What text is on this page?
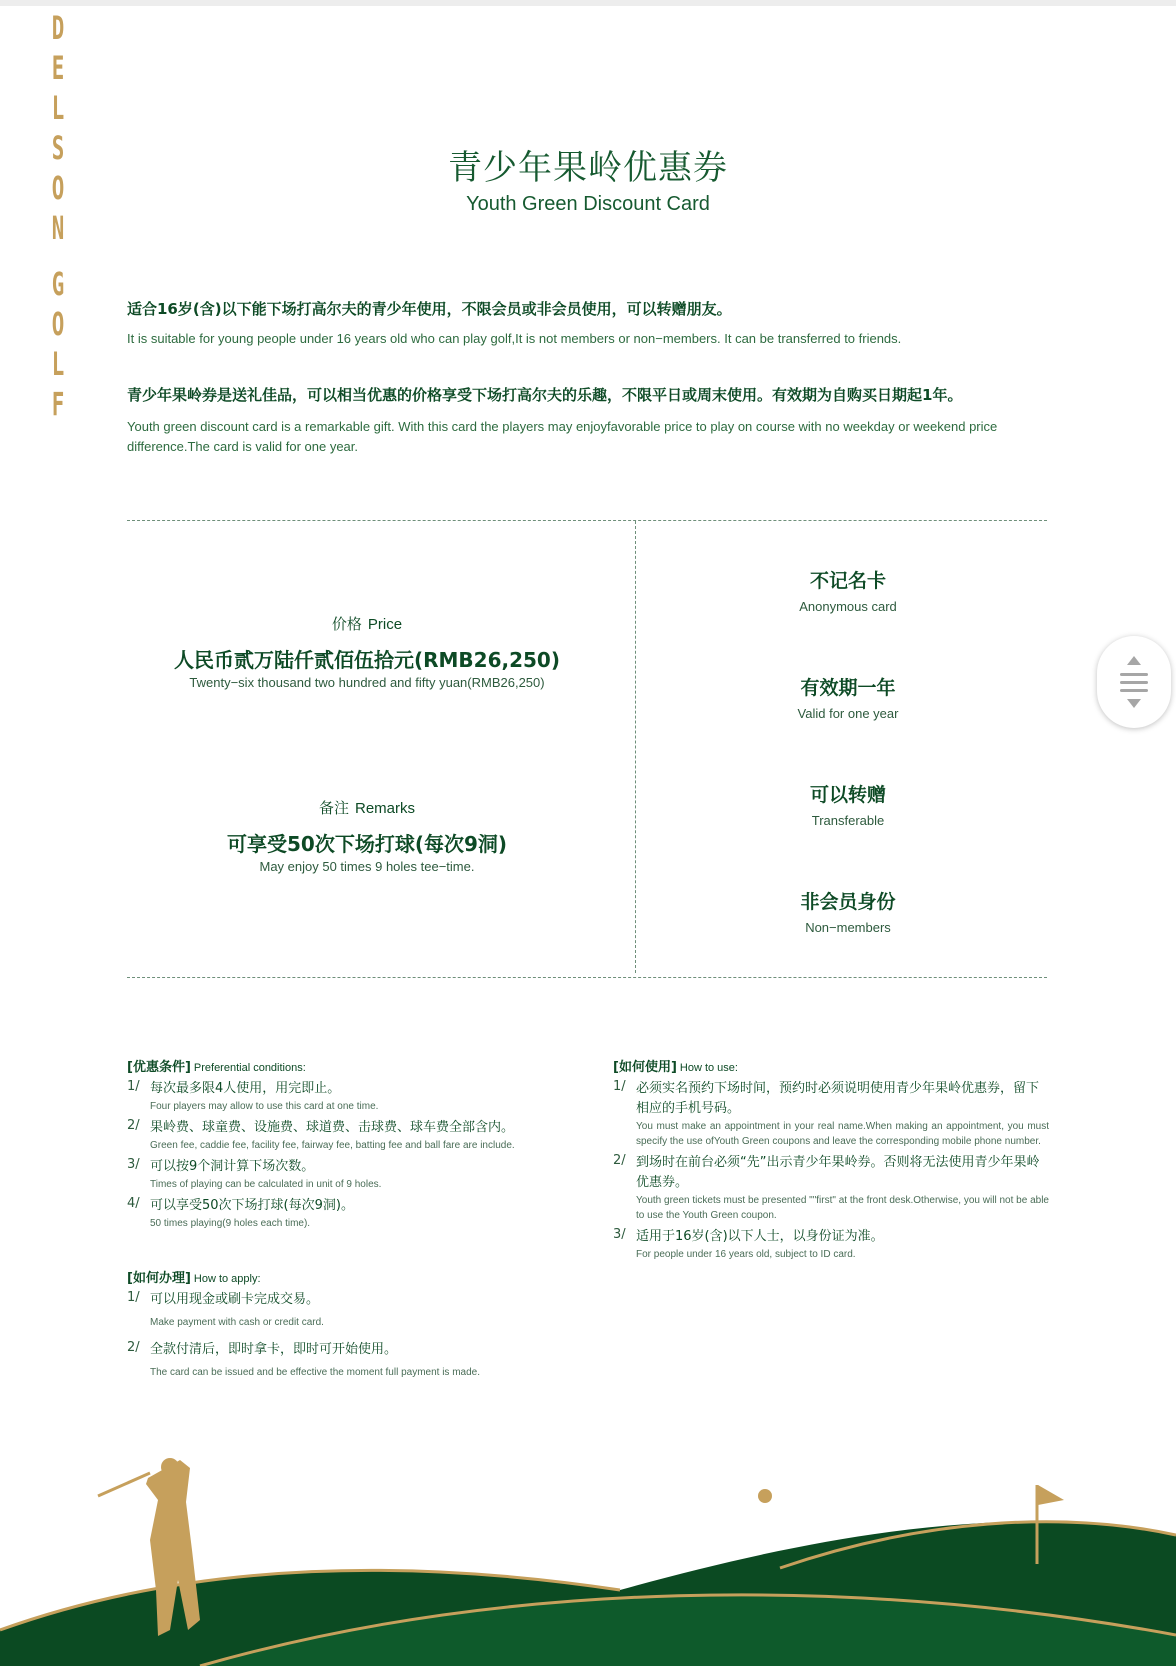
D
E
L
S
O
N
G
O
L
F
青少年果岭优惠券
Youth Green Discount Card
适合16岁(含)以下能下场打高尔夫的青少年使用，不限会员或非会员使用，可以转赠朋友。
It is suitable for young people under 16 years old who can play golf,It is not members or non−members. It can be transferred to friends.
青少年果岭券是送礼佳品，可以相当优惠的价格享受下场打高尔夫的乐趣，不限平日或周末使用。有效期为自购买日期起1年。
Youth green discount card is a remarkable gift. With this card the players may enjoyfavorable price to play on course with no weekday or weekend price difference.The card is valid for one year.
价格 Price
人民币贰万陆仟贰佰伍拾元(RMB26,250)
Twenty−six thousand two hundred and fifty yuan(RMB26,250)
备注 Remarks
可享受50次下场打球(每次9洞)
May enjoy 50 times 9 holes tee−time.
不记名卡
Anonymous card
有效期一年
Valid for one year
可以转赠
Transferable
非会员身份
Non−members
[优惠条件] Preferential conditions:
1/ 每次最多限4人使用，用完即止。
Four players may allow to use this card at one time.
2/ 果岭费、球童费、设施费、球道费、击球费、球车费全部含内。
Green fee, caddie fee, facility fee, fairway fee, batting fee and ball fare are include.
3/ 可以按9个洞计算下场次数。
Times of playing can be calculated in unit of 9 holes.
4/ 可以享受50次下场打球(每次9洞)。
50 times playing(9 holes each time).
[如何办理] How to apply:
1/ 可以用现金或刷卡完成交易。
Make payment with cash or credit card.
2/ 全款付清后，即时拿卡，即时可开始使用。
The card can be issued and be effective the moment full payment is made.
[如何使用] How to use:
1/ 必须实名预约下场时间，预约时必须说明使用青少年果岭优惠券，留下相应的手机号码。
You must make an appointment in your real name.When making an appointment, you must specify the use ofYouth Green coupons and leave the corresponding mobile phone number.
2/ 到场时在前台必须“先”出示青少年果岭券。否则将无法使用青少年果岭优惠券。
Youth green tickets must be presented ""first" at the front desk.Otherwise, you will not be able to use the Youth Green coupon.
3/ 适用于16岁(含)以下人士，以身份证为准。
For people under 16 years old, subject to ID card.
